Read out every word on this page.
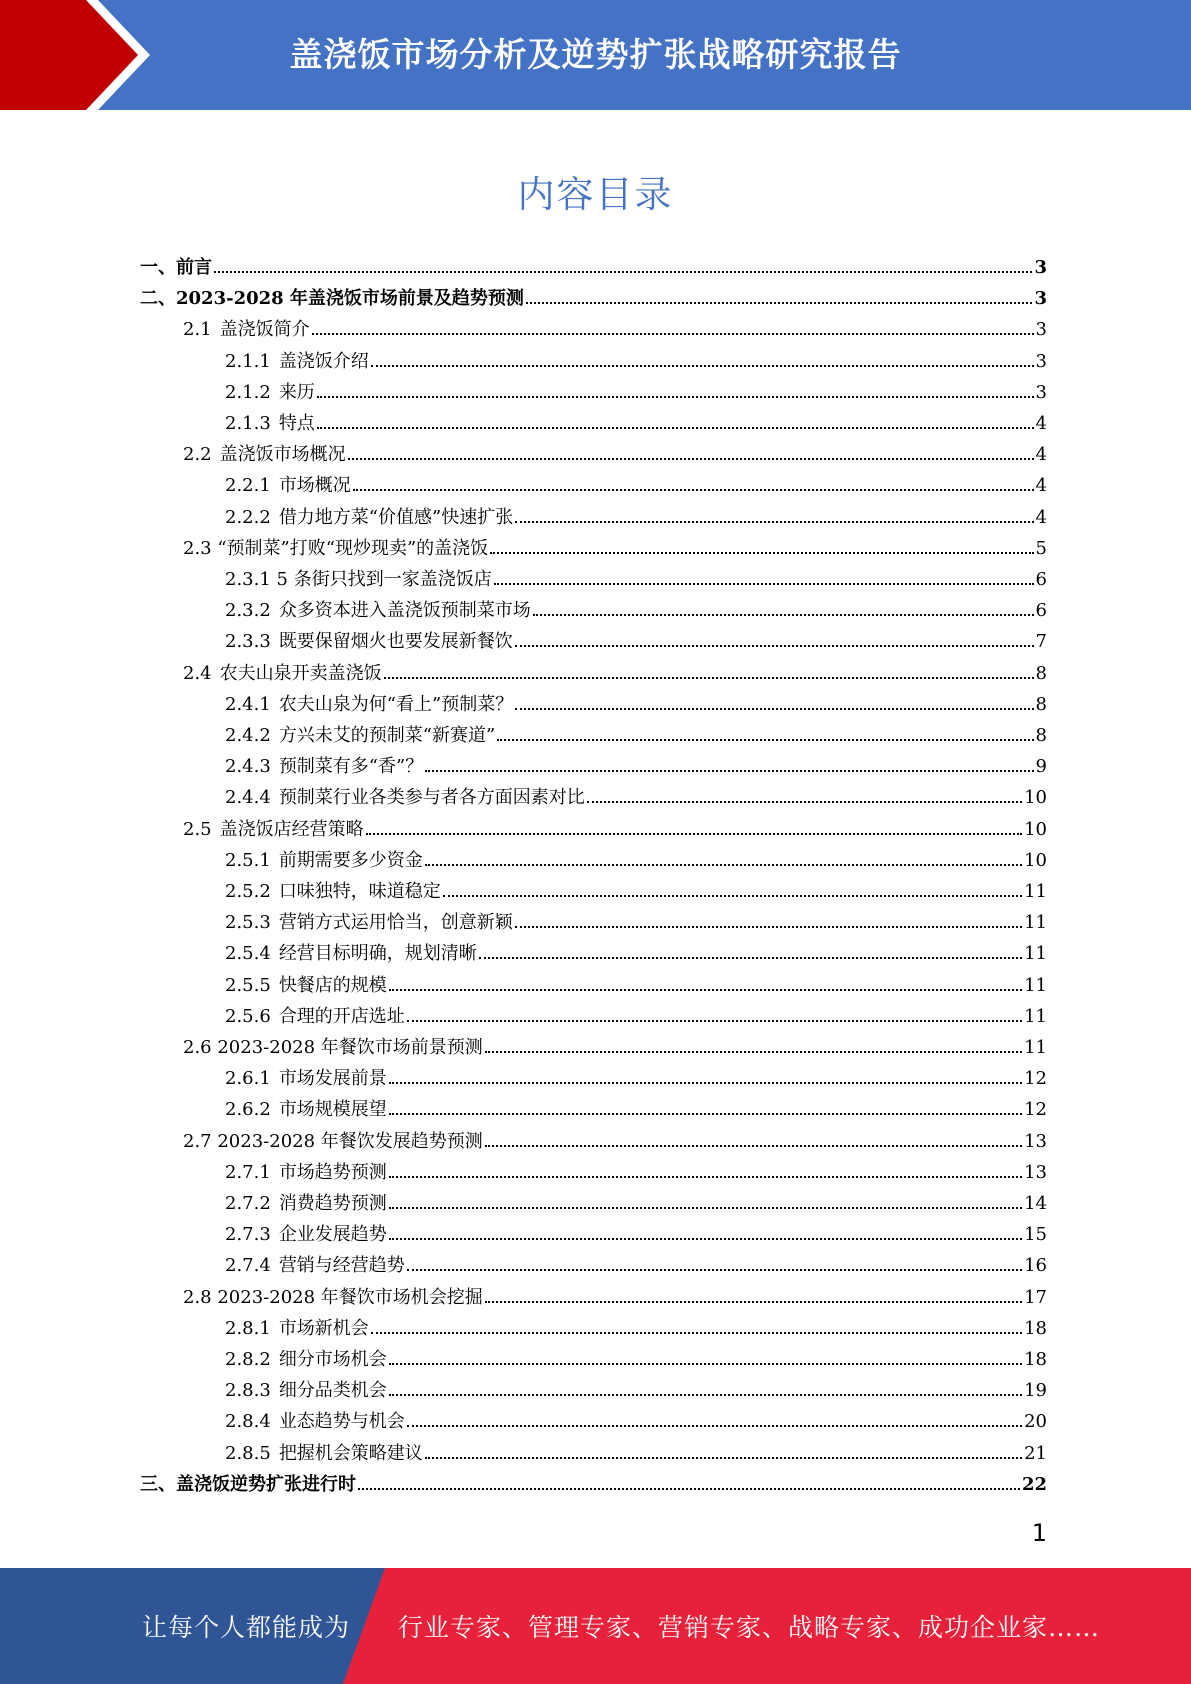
盖浇饭市场分析及逆势扩张战略研究报告
内容目录
一、前言	3
二、2023-2028 年盖浇饭市场前景及趋势预测	3
2.1 盖浇饭简介	3
2.1.1 盖浇饭介绍	3
2.1.2 来历	3
2.1.3 特点	4
2.2 盖浇饭市场概况	4
2.2.1 市场概况	4
2.2.2 借力地方菜“价值感”快速扩张	4
2.3 “预制菜”打败“现炒现卖”的盖浇饭	5
2.3.1 5 条街只找到一家盖浇饭店	6
2.3.2 众多资本进入盖浇饭预制菜市场	6
2.3.3 既要保留烟火也要发展新餐饮	7
2.4 农夫山泉开卖盖浇饭	8
2.4.1 农夫山泉为何“看上”预制菜？	8
2.4.2 方兴未艾的预制菜“新赛道”	8
2.4.3 预制菜有多“香”？	9
2.4.4 预制菜行业各类参与者各方面因素对比	10
2.5 盖浇饭店经营策略	10
2.5.1 前期需要多少资金	10
2.5.2 口味独特，味道稳定	11
2.5.3 营销方式运用恰当，创意新颖	11
2.5.4 经营目标明确，规划清晰	11
2.5.5 快餐店的规模	11
2.5.6 合理的开店选址	11
2.6 2023-2028 年餐饮市场前景预测	11
2.6.1 市场发展前景	12
2.6.2 市场规模展望	12
2.7 2023-2028 年餐饮发展趋势预测	13
2.7.1 市场趋势预测	13
2.7.2 消费趋势预测	14
2.7.3 企业发展趋势	15
2.7.4 营销与经营趋势	16
2.8 2023-2028 年餐饮市场机会挖掘	17
2.8.1 市场新机会	18
2.8.2 细分市场机会	18
2.8.3 细分品类机会	19
2.8.4 业态趋势与机会	20
2.8.5 把握机会策略建议	21
三、盖浇饭逆势扩张进行时	22
1
让每个人都能成为 行业专家、管理专家、营销专家、战略专家、成功企业家……
